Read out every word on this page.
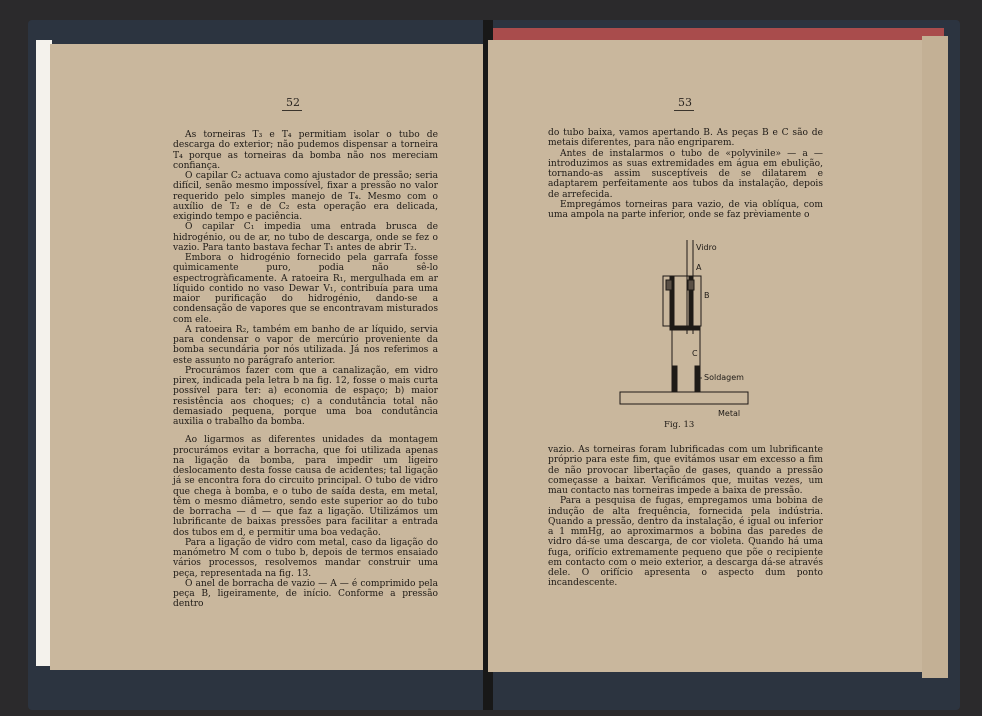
52

As torneiras T₃ e T₄ permitiam isolar o tubo de descarga do exterior; não pudemos dispensar a torneira T₄ porque as torneiras da bomba não nos mereciam confiança.

O capilar C₂ actuava como ajustador de pressão; seria difícil, senão mesmo impossível, fixar a pressão no valor requerido pelo simples manejo de T₄. Mesmo com o auxílio de T₂ e de C₂ esta operação era delicada, exigindo tempo e paciência.

O capilar C₁ impedia uma entrada brusca de hidrogénio, ou de ar, no tubo de descarga, onde se fez o vazio. Para tanto bastava fechar T₁ antes de abrir T₂.

Embora o hidrogénio fornecido pela garrafa fosse quìmicamente puro, podia não sê-lo espectrogràficamente. A ratoeira R₁, mergulhada em ar líquido contido no vaso Dewar V₁, contribuía para uma maior purificação do hidrogénio, dando-se a condensação de vapores que se encontravam misturados com ele.

A ratoeira R₂, também em banho de ar líquido, servia para condensar o vapor de mercúrio proveniente da bomba secundária por nós utilizada. Já nos referimos a este assunto no parágrafo anterior.

Procurámos fazer com que a canalização, em vidro pirex, indicada pela letra b na fig. 12, fosse o mais curta possível para ter: a) economia de espaço; b) maior resistência aos choques; c) a condutância total não demasiado pequena, porque uma boa condutância auxilia o trabalho da bomba.

Ao ligarmos as diferentes unidades da montagem procurámos evitar a borracha, que foi utilizada apenas na ligação da bomba, para impedir um ligeiro deslocamento desta fosse causa de acidentes; tal ligação já se encontra fora do circuito principal. O tubo de vidro que chega à bomba, e o tubo de saída desta, em metal, têm o mesmo diâmetro, sendo este superior ao do tubo de borracha — d — que faz a ligação. Utilizámos um lubrificante de baixas pressões para facilitar a entrada dos tubos em d, e permitir uma boa vedação.

Para a ligação de vidro com metal, caso da ligação do manómetro M com o tubo b, depois de termos ensaiado vários processos, resolvemos mandar construir uma peça, representada na fig. 13.

O anel de borracha de vazio — A — é comprimido pela peça B, ligeiramente, de início. Conforme a pressão dentro

53

do tubo baixa, vamos apertando B. As peças B e C são de metais diferentes, para não engriparem.

Antes de instalarmos o tubo de «polyvinile» — a — introduzimos as suas extremidades em água em ebulição, tornando-as assim susceptíveis de se dilatarem e adaptarem perfeitamente aos tubos da instalação, depois de arrefecida.

Empregámos torneiras para vazio, de via oblíqua, com uma ampola na parte inferior, onde se faz prèviamente o

Vidro
A
B
C
Soldagem
Metal
Fig. 13

vazio. As torneiras foram lubrificadas com um lubrificante próprio para este fim, que evitámos usar em excesso a fim de não provocar libertação de gases, quando a pressão começasse a baixar. Verificámos que, muitas vezes, um mau contacto nas torneiras impede a baixa de pressão.

Para a pesquisa de fugas, empregamos uma bobina de indução de alta frequência, fornecida pela indústria. Quando a pressão, dentro da instalação, é igual ou inferior a 1 mmHg, ao aproximarmos a bobina das paredes de vidro dá-se uma descarga, de cor violeta. Quando há uma fuga, orifício extremamente pequeno que põe o recipiente em contacto com o meio exterior, a descarga dá-se através dele. O orifício apresenta o aspecto dum ponto incandescente.
